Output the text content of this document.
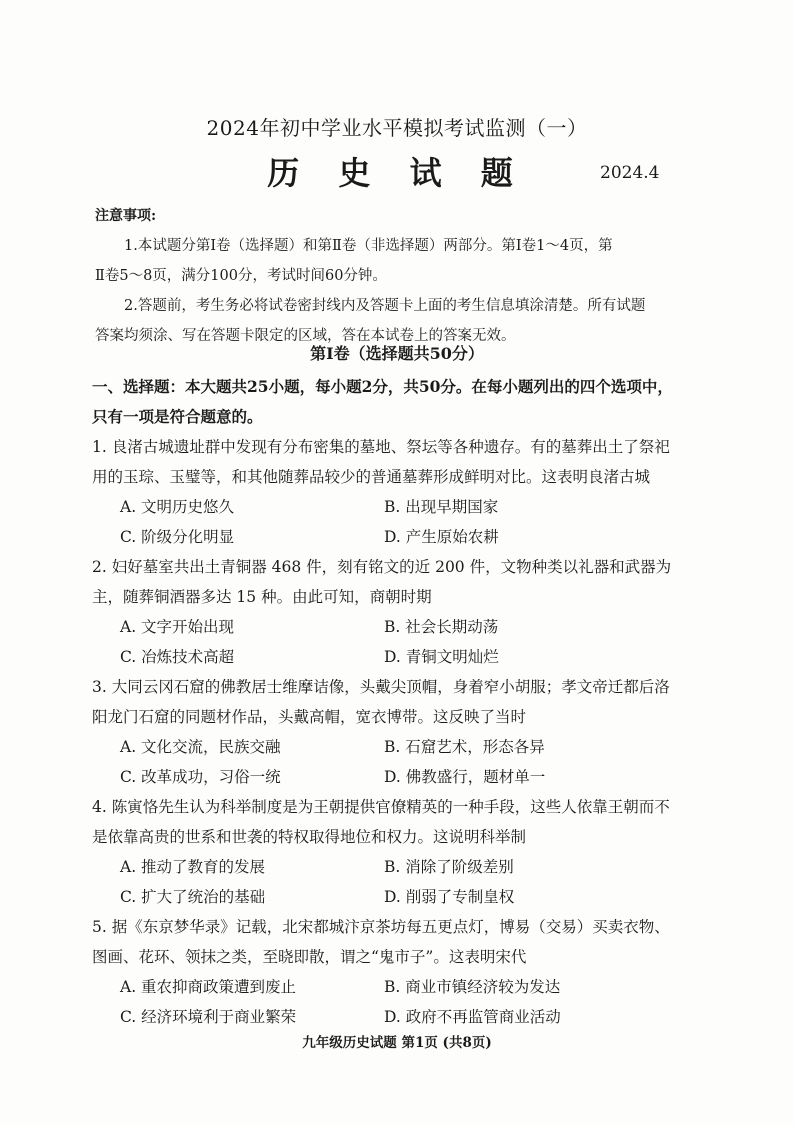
2024年初中学业水平模拟考试监测（一）
历 史 试 题	2024.4
注意事项:

1.本试题分第Ⅰ卷（选择题）和第Ⅱ卷（非选择题）两部分。第Ⅰ卷1～4页，第

Ⅱ卷5～8页，满分100分，考试时间60分钟。

2.答题前，考生务必将试卷密封线内及答题卡上面的考生信息填涂清楚。所有试题

答案均须涂、写在答题卡限定的区域，答在本试卷上的答案无效。

第Ⅰ卷（选择题共50分）

一、选择题：本大题共25小题，每小题2分，共50分。在每小题列出的四个选项中，

只有一项是符合题意的。

1. 良渚古城遗址群中发现有分布密集的墓地、祭坛等各种遗存。有的墓葬出土了祭祀

用的玉琮、玉璧等，和其他随葬品较少的普通墓葬形成鲜明对比。这表明良渚古城

A. 文明历史悠久	B. 出现早期国家
C. 阶级分化明显	D. 产生原始农耕

2. 妇好墓室共出土青铜器 468 件，刻有铭文的近 200 件，文物种类以礼器和武器为

主，随葬铜酒器多达 15 种。由此可知，商朝时期

A. 文字开始出现	B. 社会长期动荡
C. 冶炼技术高超	D. 青铜文明灿烂

3. 大同云冈石窟的佛教居士维摩诘像，头戴尖顶帽，身着窄小胡服；孝文帝迁都后洛

阳龙门石窟的同题材作品，头戴高帽，宽衣博带。这反映了当时

A. 文化交流，民族交融	B. 石窟艺术，形态各异
C. 改革成功，习俗一统	D. 佛教盛行，题材单一

4. 陈寅恪先生认为科举制度是为王朝提供官僚精英的一种手段，这些人依靠王朝而不

是依靠高贵的世系和世袭的特权取得地位和权力。这说明科举制

A. 推动了教育的发展	B. 消除了阶级差别
C. 扩大了统治的基础	D. 削弱了专制皇权

5. 据《东京梦华录》记载，北宋都城汴京茶坊每五更点灯，博易（交易）买卖衣物、

图画、花环、领抹之类，至晓即散，谓之“鬼市子”。这表明宋代

A. 重农抑商政策遭到废止	B. 商业市镇经济较为发达
C. 经济环境利于商业繁荣	D. 政府不再监管商业活动
九年级历史试题 第1页 (共8页)
